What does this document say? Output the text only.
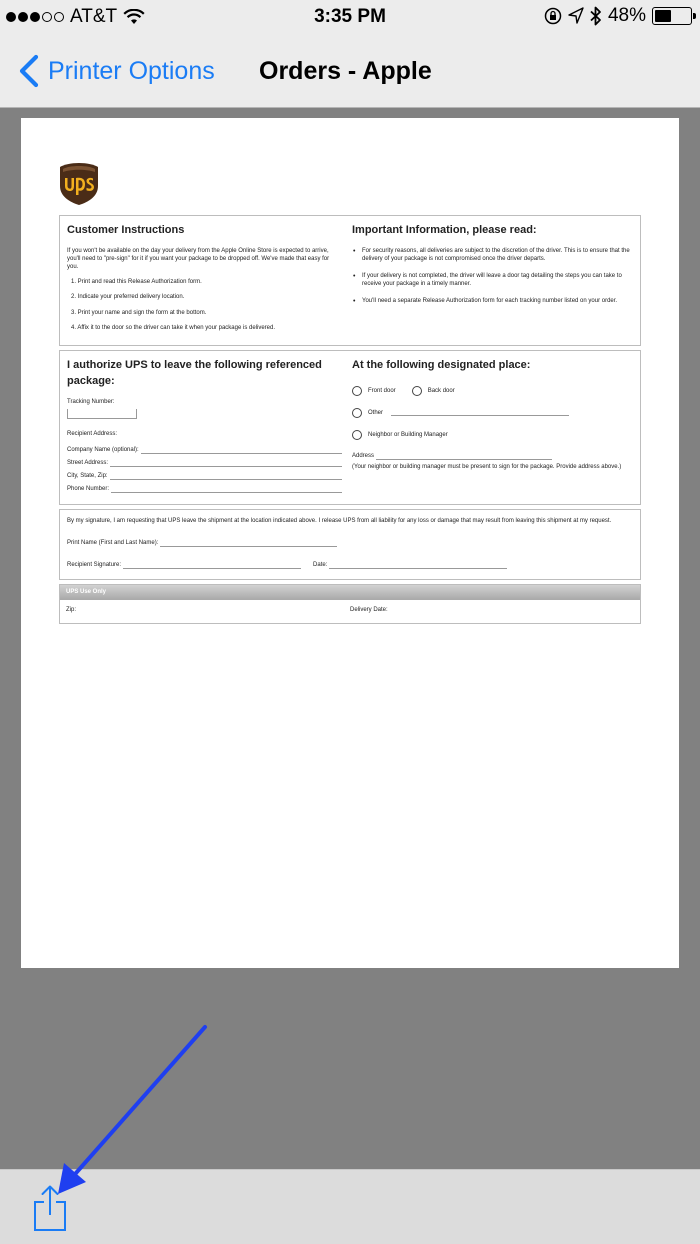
AT&T	3:35 PM	48%
Printer Options Orders - Apple
Customer Instructions
If you won't be available on the day your delivery from the Apple Online Store is expected to arrive, you'll need to "pre-sign" for it if you want your package to be dropped off. We've made that easy for you.
1. Print and read this Release Authorization form.
2. Indicate your preferred delivery location.
3. Print your name and sign the form at the bottom.
4. Affix it to the door so the driver can take it when your package is delivered.
Important Information, please read:
• For security reasons, all deliveries are subject to the discretion of the driver. This is to ensure that the delivery of your package is not compromised once the driver departs.
• If your delivery is not completed, the driver will leave a door tag detailing the steps you can take to receive your package in a timely manner.
• You'll need a separate Release Authorization form for each tracking number listed on your order.
I authorize UPS to leave the following referenced package:
Tracking Number:
Recipient Address:
Company Name (optional):
Street Address:
City, State, Zip:
Phone Number:
At the following designated place:
Front door	Back door
Other
Neighbor or Building Manager
Address
(Your neighbor or building manager must be present to sign for the package. Provide address above.)
By my signature, I am requesting that UPS leave the shipment at the location indicated above. I release UPS from all liability for any loss or damage that may result from leaving this shipment at my request.
Print Name (First and Last Name):
Recipient Signature:	Date:
UPS Use Only
Zip:	Delivery Date:
